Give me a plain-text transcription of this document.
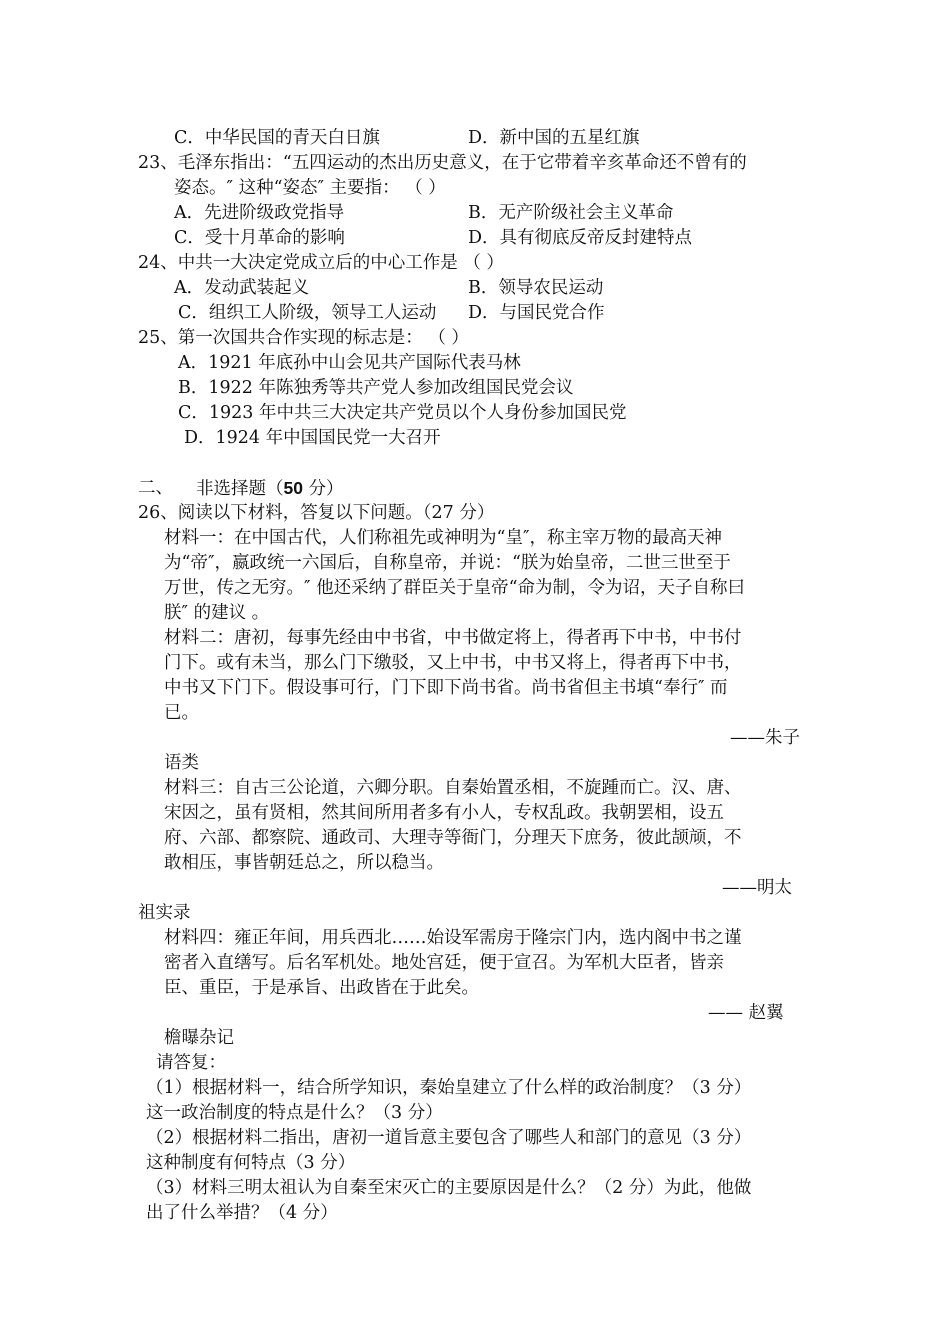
C．中华民国的青天白日旗	D．新中国的五星红旗
23、毛泽东指出：“五四运动的杰出历史意义，在于它带着辛亥革命还不曾有的
姿态。″ 这种“姿态″ 主要指： （ ）
A．先进阶级政党指导	B．无产阶级社会主义革命
C．受十月革命的影响	D．具有彻底反帝反封建特点
24、中共一大决定党成立后的中心工作是 （ ）
A．发动武装起义	B．领导农民运动
C．组织工人阶级，领导工人运动 D．与国民党合作
25、第一次国共合作实现的标志是： （ ）
A．1921 年底孙中山会见共产国际代表马林
B．1922 年陈独秀等共产党人参加改组国民党会议
C．1923 年中共三大决定共产党员以个人身份参加国民党
D．1924 年中国国民党一大召开
二、 非选择题（50 分）
26、阅读以下材料，答复以下问题。（27 分）
材料一：在中国古代，人们称祖先或神明为“皇″，称主宰万物的最高天神
为“帝″，嬴政统一六国后，自称皇帝，并说：“朕为始皇帝，二世三世至于
万世，传之无穷。″ 他还采纳了群臣关于皇帝“命为制，令为诏，天子自称曰
朕″ 的建议 。
材料二：唐初，每事先经由中书省，中书做定将上，得者再下中书，中书付
门下。或有未当，那么门下缴驳，又上中书，中书又将上，得者再下中书，
中书又下门下。假设事可行，门下即下尚书省。尚书省但主书填“奉行″ 而
已。
——朱子
语类
材料三：自古三公论道，六卿分职。自秦始置丞相，不旋踵而亡。汉、唐、
宋因之，虽有贤相，然其间所用者多有小人，专权乱政。我朝罢相，设五
府、六部、都察院、通政司、大理寺等衙门，分理天下庶务，彼此颉颃，不
敢相压，事皆朝廷总之，所以稳当。
——明太
祖实录
材料四：雍正年间，用兵西北……始设军需房于隆宗门内，选内阁中书之谨
密者入直缮写。后名军机处。地处宫廷，便于宣召。为军机大臣者，皆亲
臣、重臣，于是承旨、出政皆在于此矣。
—— 赵翼
檐曝杂记
请答复：
（1）根据材料一，结合所学知识，秦始皇建立了什么样的政治制度？（3 分）
这一政治制度的特点是什么？（3 分）
（2）根据材料二指出，唐初一道旨意主要包含了哪些人和部门的意见（3 分）
这种制度有何特点（3 分）
（3）材料三明太祖认为自秦至宋灭亡的主要原因是什么？（2 分）为此，他做
出了什么举措？（4 分）
